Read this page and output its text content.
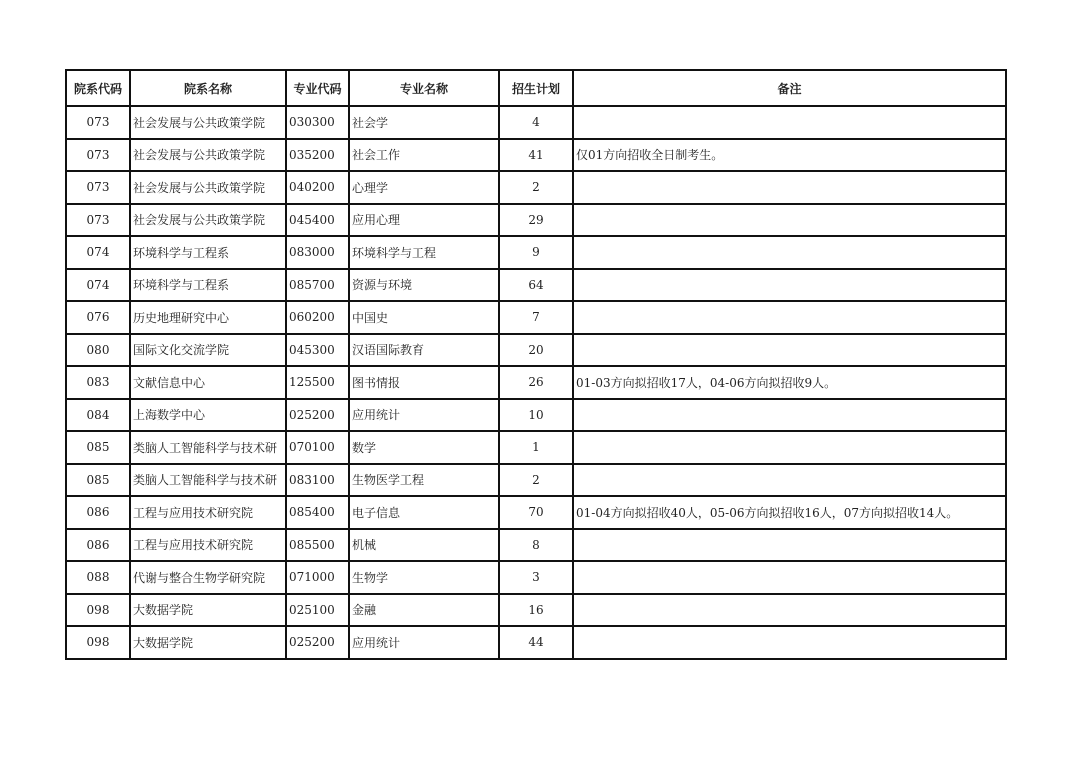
院系代码	院系名称	专业代码	专业名称	招生计划	备注
073	社会发展与公共政策学院	030300	社会学	4	
073	社会发展与公共政策学院	035200	社会工作	41	仅01方向招收全日制考生。
073	社会发展与公共政策学院	040200	心理学	2	
073	社会发展与公共政策学院	045400	应用心理	29	
074	环境科学与工程系	083000	环境科学与工程	9	
074	环境科学与工程系	085700	资源与环境	64	
076	历史地理研究中心	060200	中国史	7	
080	国际文化交流学院	045300	汉语国际教育	20	
083	文献信息中心	125500	图书情报	26	01-03方向拟招收17人，04-06方向拟招收9人。
084	上海数学中心	025200	应用统计	10	
085	类脑人工智能科学与技术研	070100	数学	1	
085	类脑人工智能科学与技术研	083100	生物医学工程	2	
086	工程与应用技术研究院	085400	电子信息	70	01-04方向拟招收40人，05-06方向拟招收16人，07方向拟招收14人。
086	工程与应用技术研究院	085500	机械	8	
088	代谢与整合生物学研究院	071000	生物学	3	
098	大数据学院	025100	金融	16	
098	大数据学院	025200	应用统计	44	
